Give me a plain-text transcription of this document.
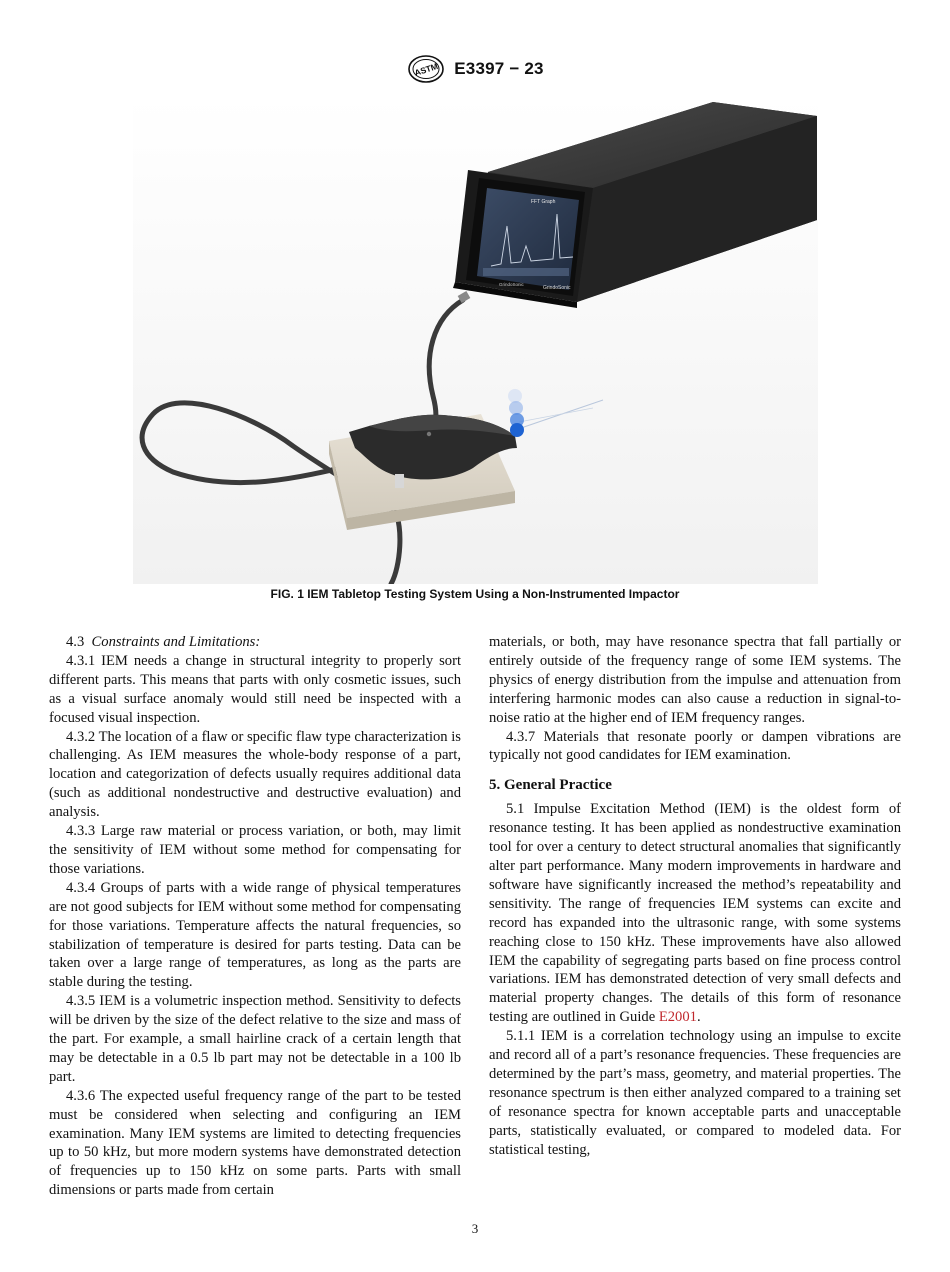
ASTM E3397 − 23
FFT Graph
GrindoSonic
GrindoSonic
FIG. 1 IEM Tabletop Testing System Using a Non-Instrumented Impactor

4.3 Constraints and Limitations:

4.3.1 IEM needs a change in structural integrity to properly sort different parts. This means that parts with only cosmetic issues, such as a visual surface anomaly would still need be inspected with a focused visual inspection.

4.3.2 The location of a flaw or specific flaw type characterization is challenging. As IEM measures the whole-body response of a part, location and categorization of defects usually requires additional data (such as additional nondestructive and destructive evaluation) and analysis.

4.3.3 Large raw material or process variation, or both, may limit the sensitivity of IEM without some method for compensating for those variations.

4.3.4 Groups of parts with a wide range of physical temperatures are not good subjects for IEM without some method for compensating for those variations. Temperature affects the natural frequencies, so stabilization of temperature is desired for parts testing. Data can be taken over a large range of temperatures, as long as the parts are stable during the testing.

4.3.5 IEM is a volumetric inspection method. Sensitivity to defects will be driven by the size of the defect relative to the size and mass of the part. For example, a small hairline crack of a certain length that may be detectable in a 0.5 lb part may not be detectable in a 100 lb part.

4.3.6 The expected useful frequency range of the part to be tested must be considered when selecting and configuring an IEM examination. Many IEM systems are limited to detecting frequencies up to 50 kHz, but more modern systems have demonstrated detection of frequencies up to 150 kHz on some parts. Parts with small dimensions or parts made from certain

materials, or both, may have resonance spectra that fall partially or entirely outside of the frequency range of some IEM systems. The physics of energy distribution from the impulse and attenuation from interfering harmonic modes can also cause a reduction in signal-to-noise ratio at the higher end of IEM frequency ranges.

4.3.7 Materials that resonate poorly or dampen vibrations are typically not good candidates for IEM examination.

5. General Practice

5.1 Impulse Excitation Method (IEM) is the oldest form of resonance testing. It has been applied as nondestructive examination tool for over a century to detect structural anomalies that significantly alter part performance. Many modern improvements in hardware and software have significantly increased the method’s repeatability and sensitivity. The range of frequencies IEM systems can excite and record has expanded into the ultrasonic range, with some systems reaching close to 150 kHz. These improvements have also allowed IEM the capability of segregating parts based on fine process control variations. IEM has demonstrated detection of very small defects and material property changes. The details of this form of resonance testing are outlined in Guide E2001.

5.1.1 IEM is a correlation technology using an impulse to excite and record all of a part’s resonance frequencies. These frequencies are determined by the part’s mass, geometry, and material properties. The resonance spectrum is then either analyzed compared to a training set of resonance spectra for known acceptable parts and unacceptable parts, statistically evaluated, or compared to modeled data. For statistical testing,

3
